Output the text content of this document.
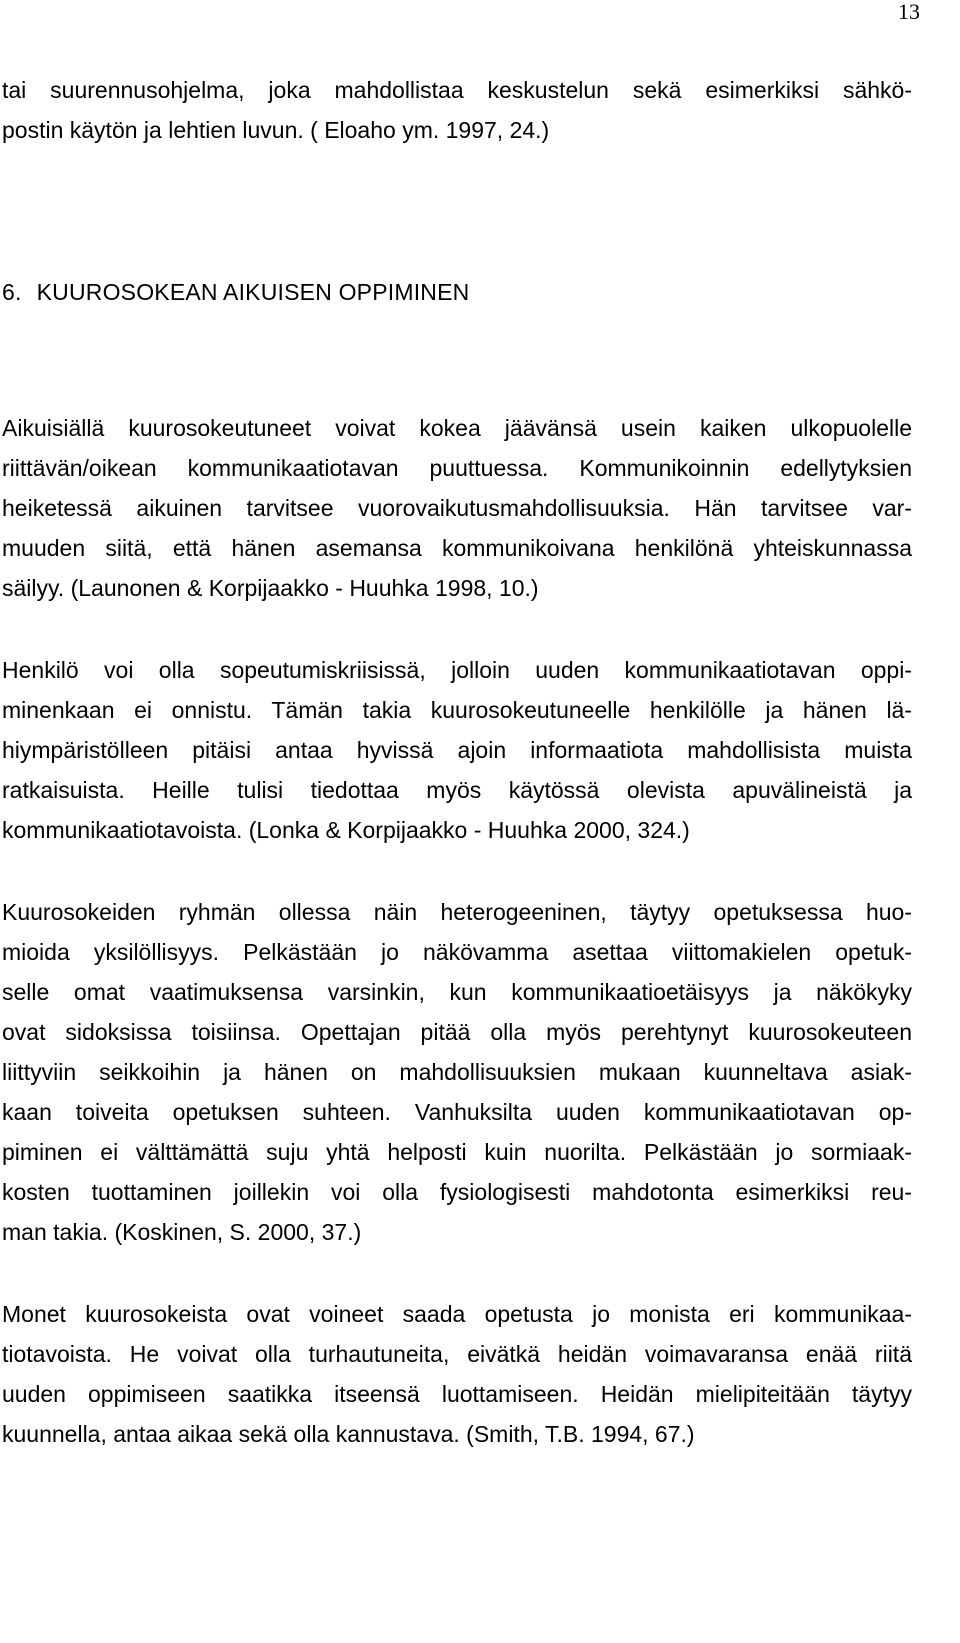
13

tai suurennusohjelma, joka mahdollistaa keskustelun sekä esimerkiksi sähkö-
postin käytön ja lehtien luvun. ( Eloaho ym. 1997, 24.)

6. KUUROSOKEAN AIKUISEN OPPIMINEN

Aikuisiällä kuurosokeutuneet voivat kokea jäävänsä usein kaiken ulkopuolelle
riittävän/oikean kommunikaatiotavan puuttuessa. Kommunikoinnin edellytyksien
heiketessä aikuinen tarvitsee vuorovaikutusmahdollisuuksia. Hän tarvitsee var-
muuden siitä, että hänen asemansa kommunikoivana henkilönä yhteiskunnassa
säilyy. (Launonen & Korpijaakko - Huuhka 1998, 10.)

Henkilö voi olla sopeutumiskriisissä, jolloin uuden kommunikaatiotavan oppi-
minenkaan ei onnistu. Tämän takia kuurosokeutuneelle henkilölle ja hänen lä-
hiympäristölleen pitäisi antaa hyvissä ajoin informaatiota mahdollisista muista
ratkaisuista. Heille tulisi tiedottaa myös käytössä olevista apuvälineistä ja
kommunikaatiotavoista. (Lonka & Korpijaakko - Huuhka 2000, 324.)

Kuurosokeiden ryhmän ollessa näin heterogeeninen, täytyy opetuksessa huo-
mioida yksilöllisyys. Pelkästään jo näkövamma asettaa viittomakielen opetuk-
selle omat vaatimuksensa varsinkin, kun kommunikaatioetäisyys ja näkökyky
ovat sidoksissa toisiinsa. Opettajan pitää olla myös perehtynyt kuurosokeuteen
liittyviin seikkoihin ja hänen on mahdollisuuksien mukaan kuunneltava asiak-
kaan toiveita opetuksen suhteen. Vanhuksilta uuden kommunikaatiotavan op-
piminen ei välttämättä suju yhtä helposti kuin nuorilta. Pelkästään jo sormiaak-
kosten tuottaminen joillekin voi olla fysiologisesti mahdotonta esimerkiksi reu-
man takia. (Koskinen, S. 2000, 37.)

Monet kuurosokeista ovat voineet saada opetusta jo monista eri kommunikaa-
tiotavoista. He voivat olla turhautuneita, eivätkä heidän voimavaransa enää riitä
uuden oppimiseen saatikka itseensä luottamiseen. Heidän mielipiteitään täytyy
kuunnella, antaa aikaa sekä olla kannustava. (Smith, T.B. 1994, 67.)
